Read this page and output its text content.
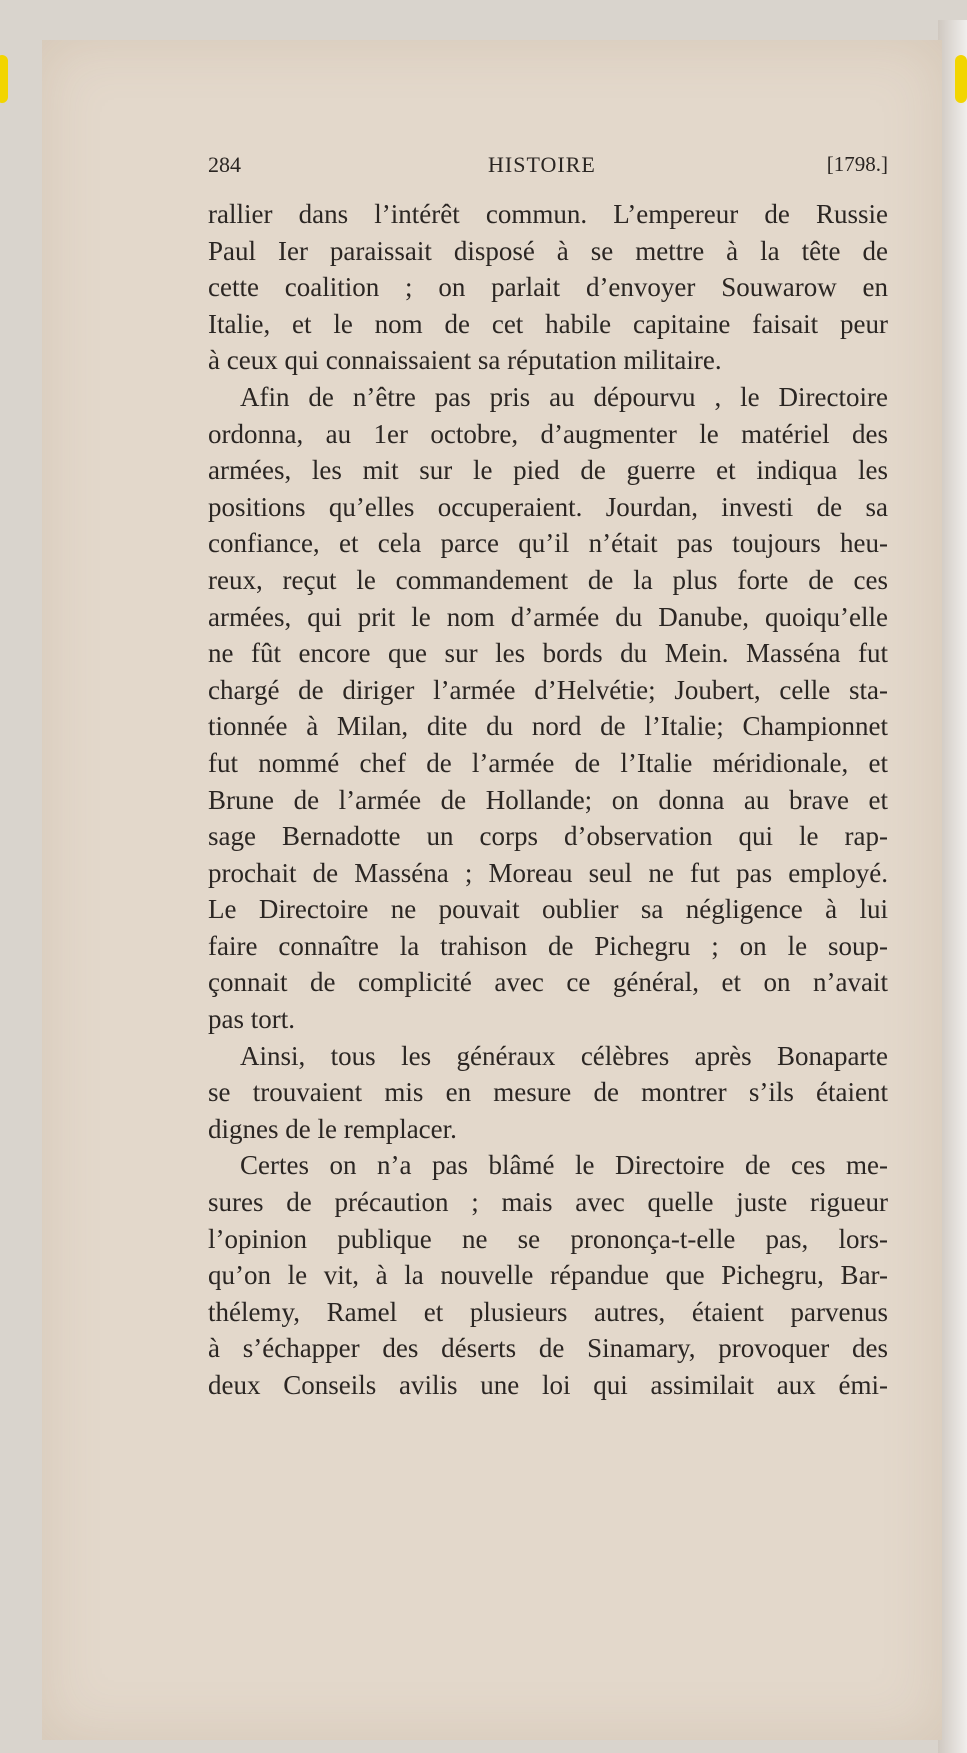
284	HISTOIRE	[1798.]
rallier dans l’intérêt commun. L’empereur de Russie
Paul Ier paraissait disposé à se mettre à la tête de
cette coalition ; on parlait d’envoyer Souwarow en
Italie, et le nom de cet habile capitaine faisait peur
à ceux qui connaissaient sa réputation militaire.
Afin de n’être pas pris au dépourvu , le Directoire
ordonna, au 1er octobre, d’augmenter le matériel des
armées, les mit sur le pied de guerre et indiqua les
positions qu’elles occuperaient. Jourdan, investi de sa
confiance, et cela parce qu’il n’était pas toujours heu-
reux, reçut le commandement de la plus forte de ces
armées, qui prit le nom d’armée du Danube, quoiqu’elle
ne fût encore que sur les bords du Mein. Masséna fut
chargé de diriger l’armée d’Helvétie; Joubert, celle sta-
tionnée à Milan, dite du nord de l’Italie; Championnet
fut nommé chef de l’armée de l’Italie méridionale, et
Brune de l’armée de Hollande; on donna au brave et
sage Bernadotte un corps d’observation qui le rap-
prochait de Masséna ; Moreau seul ne fut pas employé.
Le Directoire ne pouvait oublier sa négligence à lui
faire connaître la trahison de Pichegru ; on le soup-
çonnait de complicité avec ce général, et on n’avait
pas tort.
Ainsi, tous les généraux célèbres après Bonaparte
se trouvaient mis en mesure de montrer s’ils étaient
dignes de le remplacer.
Certes on n’a pas blâmé le Directoire de ces me-
sures de précaution ; mais avec quelle juste rigueur
l’opinion publique ne se prononça-t-elle pas, lors-
qu’on le vit, à la nouvelle répandue que Pichegru, Bar-
thélemy, Ramel et plusieurs autres, étaient parvenus
à s’échapper des déserts de Sinamary, provoquer des
deux Conseils avilis une loi qui assimilait aux émi-
